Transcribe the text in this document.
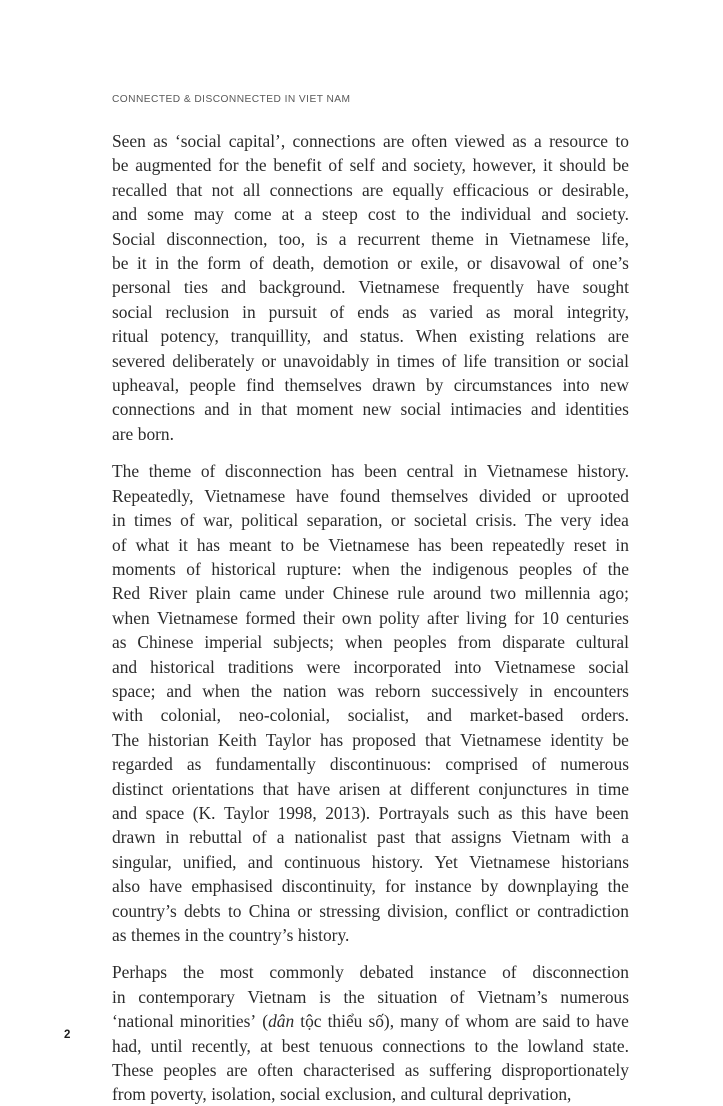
CONNECTED & DISCONNECTED IN VIET NAM

Seen as ‘social capital’, connections are often viewed as a resource to
be augmented for the benefit of self and society, however, it should be
recalled that not all connections are equally efficacious or desirable,
and some may come at a steep cost to the individual and society.
Social disconnection, too, is a recurrent theme in Vietnamese life,
be it in the form of death, demotion or exile, or disavowal of one’s
personal ties and background. Vietnamese frequently have sought
social reclusion in pursuit of ends as varied as moral integrity,
ritual potency, tranquillity, and status. When existing relations are
severed deliberately or unavoidably in times of life transition or social
upheaval, people find themselves drawn by circumstances into new
connections and in that moment new social intimacies and identities
are born.

The theme of disconnection has been central in Vietnamese history.
Repeatedly, Vietnamese have found themselves divided or uprooted
in times of war, political separation, or societal crisis. The very idea
of what it has meant to be Vietnamese has been repeatedly reset in
moments of historical rupture: when the indigenous peoples of the
Red River plain came under Chinese rule around two millennia ago;
when Vietnamese formed their own polity after living for 10 centuries
as Chinese imperial subjects; when peoples from disparate cultural
and historical traditions were incorporated into Vietnamese social
space; and when the nation was reborn successively in encounters
with colonial, neo-colonial, socialist, and market-based orders.
The historian Keith Taylor has proposed that Vietnamese identity be
regarded as fundamentally discontinuous: comprised of numerous
distinct orientations that have arisen at different conjunctures in time
and space (K. Taylor 1998, 2013). Portrayals such as this have been
drawn in rebuttal of a nationalist past that assigns Vietnam with a
singular, unified, and continuous history. Yet Vietnamese historians
also have emphasised discontinuity, for instance by downplaying the
country’s debts to China or stressing division, conflict or contradiction
as themes in the country’s history.

Perhaps the most commonly debated instance of disconnection
in contemporary Vietnam is the situation of Vietnam’s numerous
‘national minorities’ (dân tộc thiểu số), many of whom are said to have
had, until recently, at best tenuous connections to the lowland state.
These peoples are often characterised as suffering disproportionately
from poverty, isolation, social exclusion, and cultural deprivation,

2
